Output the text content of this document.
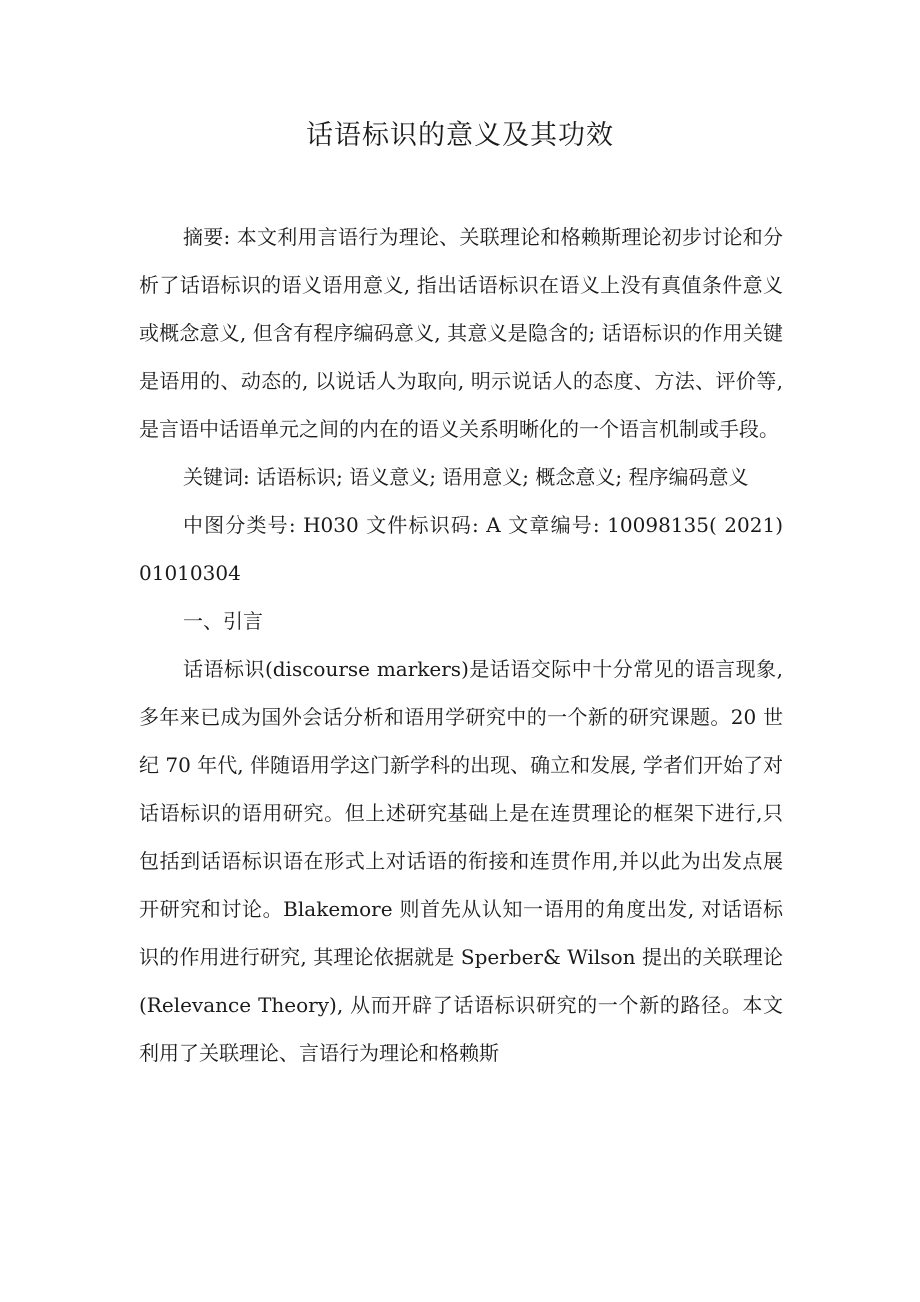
话语标识的意义及其功效

摘要: 本文利用言语行为理论、关联理论和格赖斯理论初步讨论和分析了话语标识的语义语用意义, 指出话语标识在语义上没有真值条件意义或概念意义, 但含有程序编码意义, 其意义是隐含的; 话语标识的作用关键是语用的、动态的, 以说话人为取向, 明示说话人的态度、方法、评价等, 是言语中话语单元之间的内在的语义关系明晰化的一个语言机制或手段。

关键词: 话语标识; 语义意义; 语用意义; 概念意义; 程序编码意义

中图分类号: H030 文件标识码: A 文章编号: 10098135( 2021) 01010304

一、引言

话语标识(discourse markers)是话语交际中十分常见的语言现象,多年来已成为国外会话分析和语用学研究中的一个新的研究课题。20 世纪 70 年代, 伴随语用学这门新学科的出现、确立和发展, 学者们开始了对话语标识的语用研究。但上述研究基础上是在连贯理论的框架下进行,只包括到话语标识语在形式上对话语的衔接和连贯作用,并以此为出发点展开研究和讨论。Blakemore 则首先从认知一语用的角度出发, 对话语标识的作用进行研究, 其理论依据就是 Sperber& Wilson 提出的关联理论(Relevance Theory), 从而开辟了话语标识研究的一个新的路径。本文利用了关联理论、言语行为理论和格赖斯
